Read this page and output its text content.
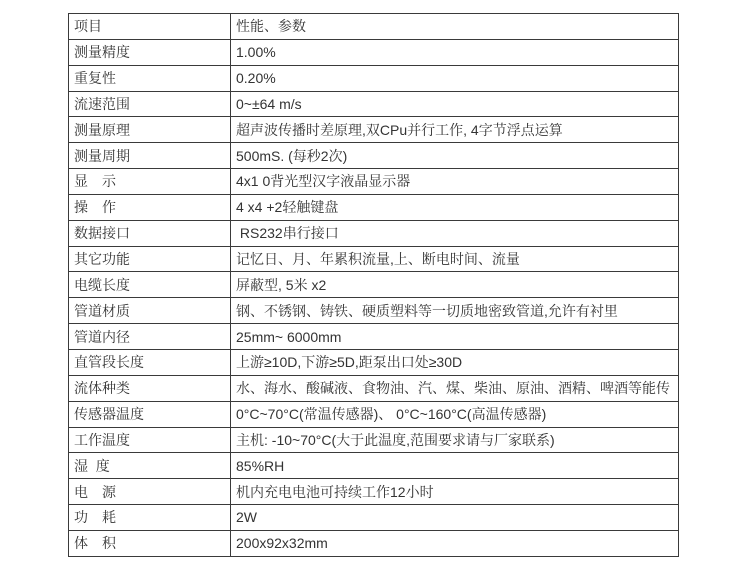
项目	性能、参数
测量精度	1.00%
重复性	0.20%
流速范围	0~±64 m/s
测量原理	超声波传播时差原理,双CPu并行工作, 4字节浮点运算
测量周期	500mS. (每秒2次)
显　示	4x1 0背光型汉字液晶显示器
操　作	4 x4 +2轻触键盘
数据接口	RS232串行接口
其它功能	记忆日、月、年累积流量,上、断电时间、流量
电缆长度	屏蔽型, 5米 x2
管道材质	钢、不锈钢、铸铁、硬质塑料等一切质地密致管道,允许有衬里
管道内径	25mm~ 6000mm
直管段长度	上游≥10D,下游≥5D,距泵出口处≥30D
流体种类	水、海水、酸碱液、食物油、汽、煤、柴油、原油、酒精、啤酒等能传
传感器温度	0°C~70°C(常温传感器)、 0°C~160°C(高温传感器)
工作温度	主机: -10~70°C(大于此温度,范围要求请与厂家联系)
湿  度	85%RH
电　源	机内充电电池可持续工作12小时
功　耗	2W
体　积	200x92x32mm
